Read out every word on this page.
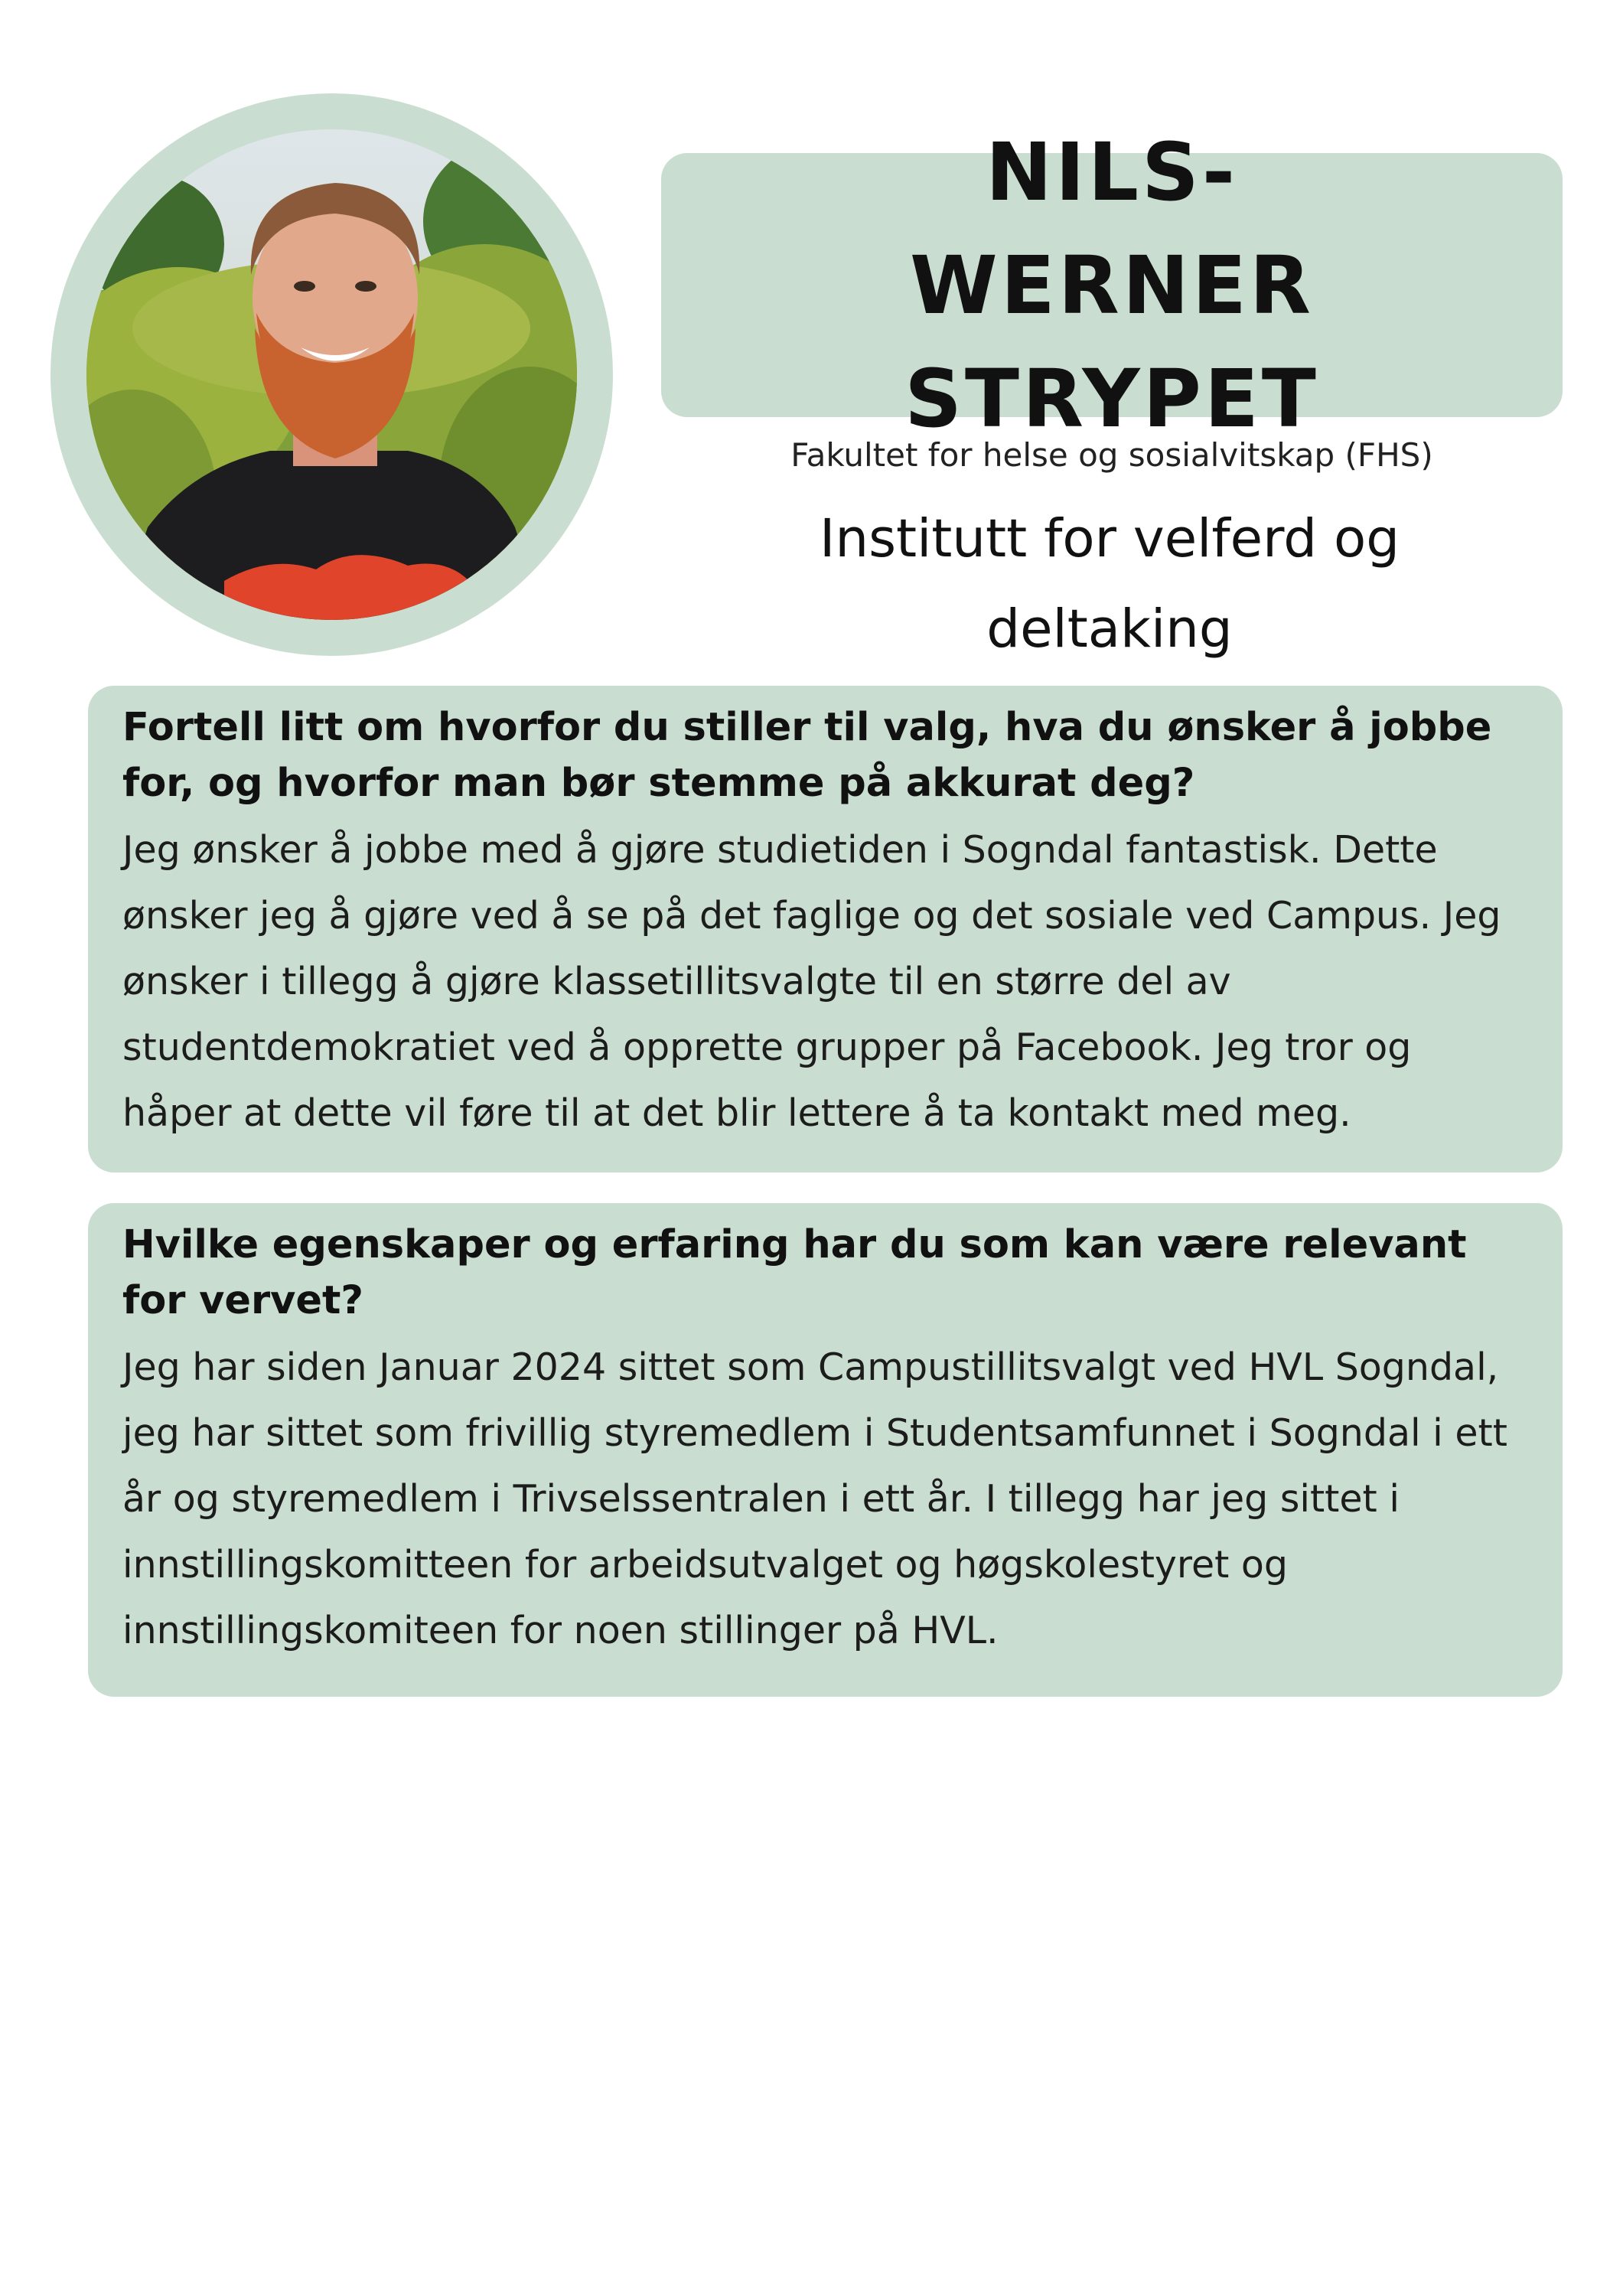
NILS-WERNER STRYPET
Fakultet for helse og sosialvitskap (FHS)
Institutt for velferd og deltaking
Fortell litt om hvorfor du stiller til valg, hva du ønsker å jobbe for, og hvorfor man bør stemme på akkurat deg?
Jeg ønsker å jobbe med å gjøre studietiden i Sogndal fantastisk. Dette ønsker jeg å gjøre ved å se på det faglige og det sosiale ved Campus. Jeg ønsker i tillegg å gjøre klassetillitsvalgte til en større del av studentdemokratiet ved å opprette grupper på Facebook. Jeg tror og håper at dette vil føre til at det blir lettere å ta kontakt med meg.
Hvilke egenskaper og erfaring har du som kan være relevant for vervet?
Jeg har siden Januar 2024 sittet som Campustillitsvalgt ved HVL Sogndal, jeg har sittet som frivillig styremedlem i Studentsamfunnet i Sogndal i ett år og styremedlem i Trivselssentralen i ett år. I tillegg har jeg sittet i innstillingskomitteen for arbeidsutvalget og høgskolestyret og innstillingskomiteen for noen stillinger på HVL.
